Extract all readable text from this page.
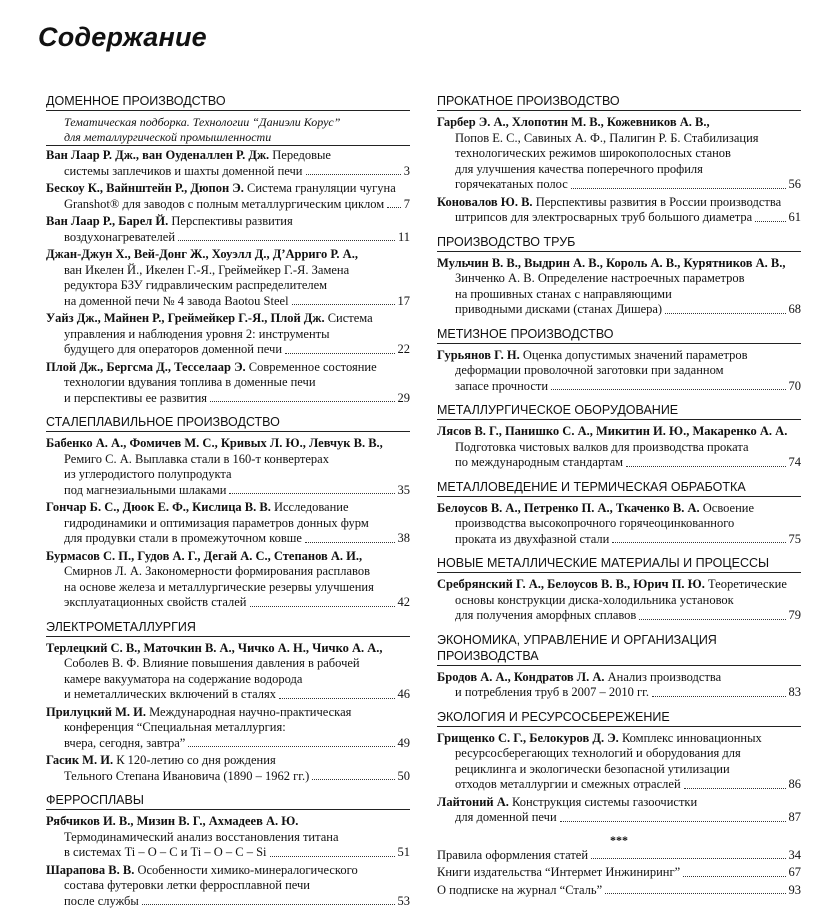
Содержание
ДОМЕННОЕ ПРОИЗВОДСТВО
Тематическая подборка. Технологии “Даниэли Корус”
для металлургической промышленности
Ван Лаар Р. Дж., ван Оуденаллен Р. Дж. Передовые
системы заплечиков и шахты доменной печи	3
Бескоу К., Вайнштейн Р., Дюпон Э. Система грануляции чугуна
Granshot® для заводов с полным металлургическим циклом 7
Ван Лаар Р., Барел Й. Перспективы развития
воздухонагревателей	11
Джан-Джун Х., Вей-Донг Ж., Хоуэлл Д., Д’Арриго Р. А.,
ван Икелен Й., Икелен Г.-Я., Греймейкер Г.-Я. Замена
редуктора БЗУ гидравлическим распределителем
на доменной печи № 4 завода Baotou Steel	17
Уайз Дж., Майнен Р., Греймейкер Г.-Я., Плой Дж. Система
управления и наблюдения уровня 2: инструменты
будущего для операторов доменной печи	22
Плой Дж., Бергсма Д., Тесселаар Э. Современное состояние
технологии вдувания топлива в доменные печи
и перспективы ее развития	29
СТАЛЕПЛАВИЛЬНОЕ ПРОИЗВОДСТВО
Бабенко А. А., Фомичев М. С., Кривых Л. Ю., Левчук В. В.,
Ремиго С. А. Выплавка стали в 160-т конвертерах
из углеродистого полупродукта
под магнезиальными шлаками	35
Гончар Б. С., Дюок Е. Ф., Кислица В. В. Исследование
гидродинамики и оптимизация параметров донных фурм
для продувки стали в промежуточном ковше	38
Бурмасов С. П., Гудов А. Г., Дегай А. С., Степанов А. И.,
Смирнов Л. А. Закономерности формирования расплавов
на основе железа и металлургические резервы улучшения
эксплуатационных свойств сталей	42
ЭЛЕКТРОМЕТАЛЛУРГИЯ
Терлецкий С. В., Маточкин В. А., Чичко А. Н., Чичко А. А.,
Соболев В. Ф. Влияние повышения давления в рабочей
камере вакууматора на содержание водорода
и неметаллических включений в сталях	46
Прилуцкий М. И. Международная научно-практическая
конференция “Специальная металлургия:
вчера, сегодня, завтра”	49
Гасик М. И. К 120-летию со дня рождения
Тельного Степана Ивановича (1890 – 1962 гг.)	50
ФЕРРОСПЛАВЫ
Рябчиков И. В., Мизин В. Г., Ахмадеев А. Ю.
Термодинамический анализ восстановления титана
в системах Ti – O – C и Ti – O – C – Si	51
Шарапова В. В. Особенности химико-минералогического
состава футеровки летки ферросплавной печи
после службы	53
ПРОКАТНОЕ ПРОИЗВОДСТВО
Гарбер Э. А., Хлопотин М. В., Кожевников А. В.,
Попов Е. С., Савиных А. Ф., Палигин Р. Б. Стабилизация
технологических режимов широкополосных станов
для улучшения качества поперечного профиля
горячекатаных полос	56
Коновалов Ю. В. Перспективы развития в России производства
штрипсов для электросварных труб большого диаметра	61
ПРОИЗВОДСТВО ТРУБ
Мульчин В. В., Выдрин А. В., Король А. В., Курятников А. В.,
Зинченко А. В. Определение настроечных параметров
на прошивных станах с направляющими
приводными дисками (станах Дишера)	68
МЕТИЗНОЕ ПРОИЗВОДСТВО
Гурьянов Г. Н. Оценка допустимых значений параметров
деформации проволочной заготовки при заданном
запасе прочности	70
МЕТАЛЛУРГИЧЕСКОЕ ОБОРУДОВАНИЕ
Лясов В. Г., Панишко С. А., Микитин И. Ю., Макаренко А. А.
Подготовка чистовых валков для производства проката
по международным стандартам	74
МЕТАЛЛОВЕДЕНИЕ И ТЕРМИЧЕСКАЯ ОБРАБОТКА
Белоусов В. А., Петренко П. А., Ткаченко В. А. Освоение
производства высокопрочного горячеоцинкованного
проката из двухфазной стали	75
НОВЫЕ МЕТАЛЛИЧЕСКИЕ МАТЕРИАЛЫ И ПРОЦЕССЫ
Сребрянский Г. А., Белоусов В. В., Юрич П. Ю. Теоретические
основы конструкции диска-холодильника установок
для получения аморфных сплавов	79
ЭКОНОМИКА, УПРАВЛЕНИЕ И ОРГАНИЗАЦИЯ ПРОИЗВОДСТВА
Бродов А. А., Кондратов Л. А. Анализ производства
и потребления труб в 2007 – 2010 гг.	83
ЭКОЛОГИЯ И РЕСУРСОСБЕРЕЖЕНИЕ
Грищенко С. Г., Белокуров Д. Э. Комплекс инновационных
ресурсосберегающих технологий и оборудования для
рециклинга и экологически безопасной утилизации
отходов металлургии и смежных отраслей	86
Лайтоний А. Конструкция системы газоочистки
для доменной печи	87
***
Правила оформления статей	34
Книги издательства “Интермет Инжиниринг”	67
О подписке на журнал “Сталь”	93
